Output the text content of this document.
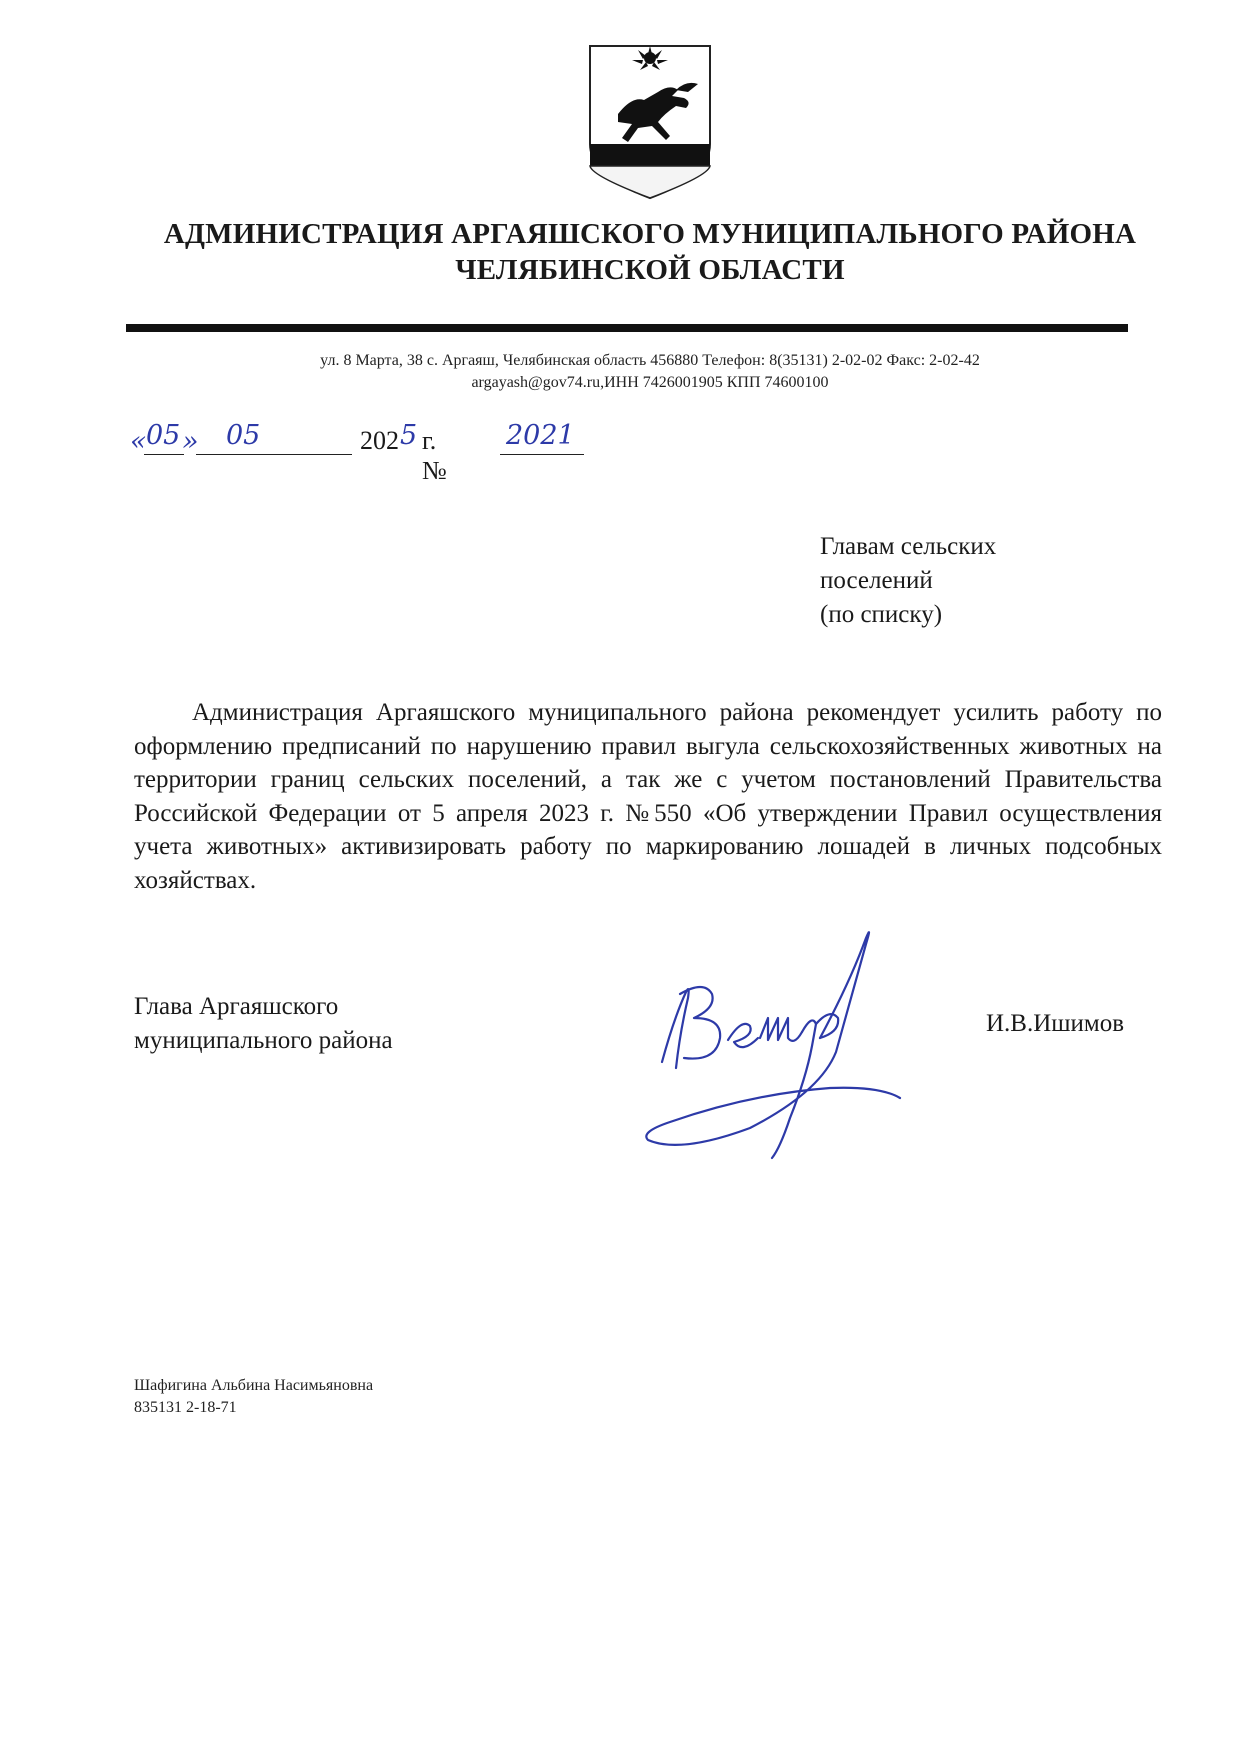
АДМИНИСТРАЦИЯ АРГАЯШСКОГО МУНИЦИПАЛЬНОГО РАЙОНА
ЧЕЛЯБИНСКОЙ ОБЛАСТИ
ул. 8 Марта, 38 с. Аргаяш, Челябинская область 456880 Телефон: 8(35131) 2-02-02 Факс: 2-02-42
argayash@gov74.ru,ИНН 7426001905 КПП 74600100
« 05 » 05	202 5 г. №
2021
Главам сельских
поселений
(по списку)
Администрация Аргаяшского муниципального района рекомендует усилить работу по оформлению предписаний по нарушению правил выгула сельскохозяйственных животных на территории границ сельских поселений, а так же с учетом постановлений Правительства Российской Федерации от 5 апреля 2023 г. №550 «Об утверждении Правил осуществления учета животных» активизировать работу по маркированию лошадей в личных подсобных хозяйствах.
Глава Аргаяшского
муниципального района
И.В.Ишимов
Шафигина Альбина Насимьяновна
835131 2-18-71
